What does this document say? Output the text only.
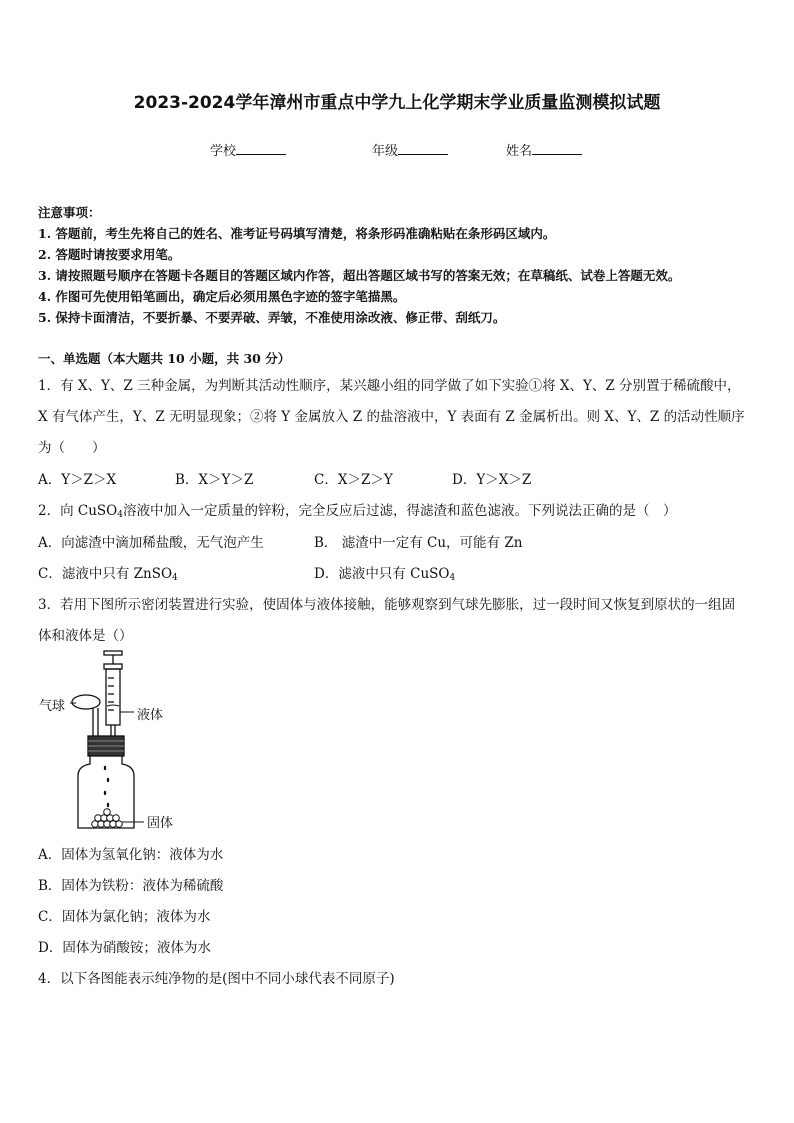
2023-2024学年漳州市重点中学九上化学期末学业质量监测模拟试题
学校	年级	姓名
注意事项：
1. 答题前，考生先将自己的姓名、准考证号码填写清楚，将条形码准确粘贴在条形码区域内。
2. 答题时请按要求用笔。
3. 请按照题号顺序在答题卡各题目的答题区域内作答，超出答题区域书写的答案无效；在草稿纸、试卷上答题无效。
4. 作图可先使用铅笔画出，确定后必须用黑色字迹的签字笔描黑。
5. 保持卡面清洁，不要折暴、不要弄破、弄皱，不准使用涂改液、修正带、刮纸刀。
一、单选题（本大题共 10 小题，共 30 分）
1．有 X、Y、Z 三种金属，为判断其活动性顺序，某兴趣小组的同学做了如下实验①将 X、Y、Z 分别置于稀硫酸中，
X 有气体产生，Y、Z 无明显现象；②将 Y 金属放入 Z 的盐溶液中，Y 表面有 Z 金属析出。则 X、Y、Z 的活动性顺序
为（　　）
A．Y＞Z＞X	B．X＞Y＞Z	C．X＞Z＞Y	D．Y＞X＞Z
2．向 CuSO$_4$溶液中加入一定质量的锌粉，完全反应后过滤，得滤渣和蓝色滤液。下列说法正确的是（　）
A．向滤渣中滴加稀盐酸，无气泡产生	B． 滤渣中一定有 Cu，可能有 Zn
C．滤液中只有 ZnSO$_4$	D．滤液中只有 CuSO$_4$
3．若用下图所示密闭装置进行实验，使固体与液体接触，能够观察到气球先膨胀，过一段时间又恢复到原状的一组固
体和液体是（）
气球
液体
固体
A．固体为氢氧化钠：液体为水
B．固体为铁粉：液体为稀硫酸
C．固体为氯化钠；液体为水
D．固体为硝酸铵；液体为水
4．以下各图能表示纯净物的是(图中不同小球代表不同原子)
